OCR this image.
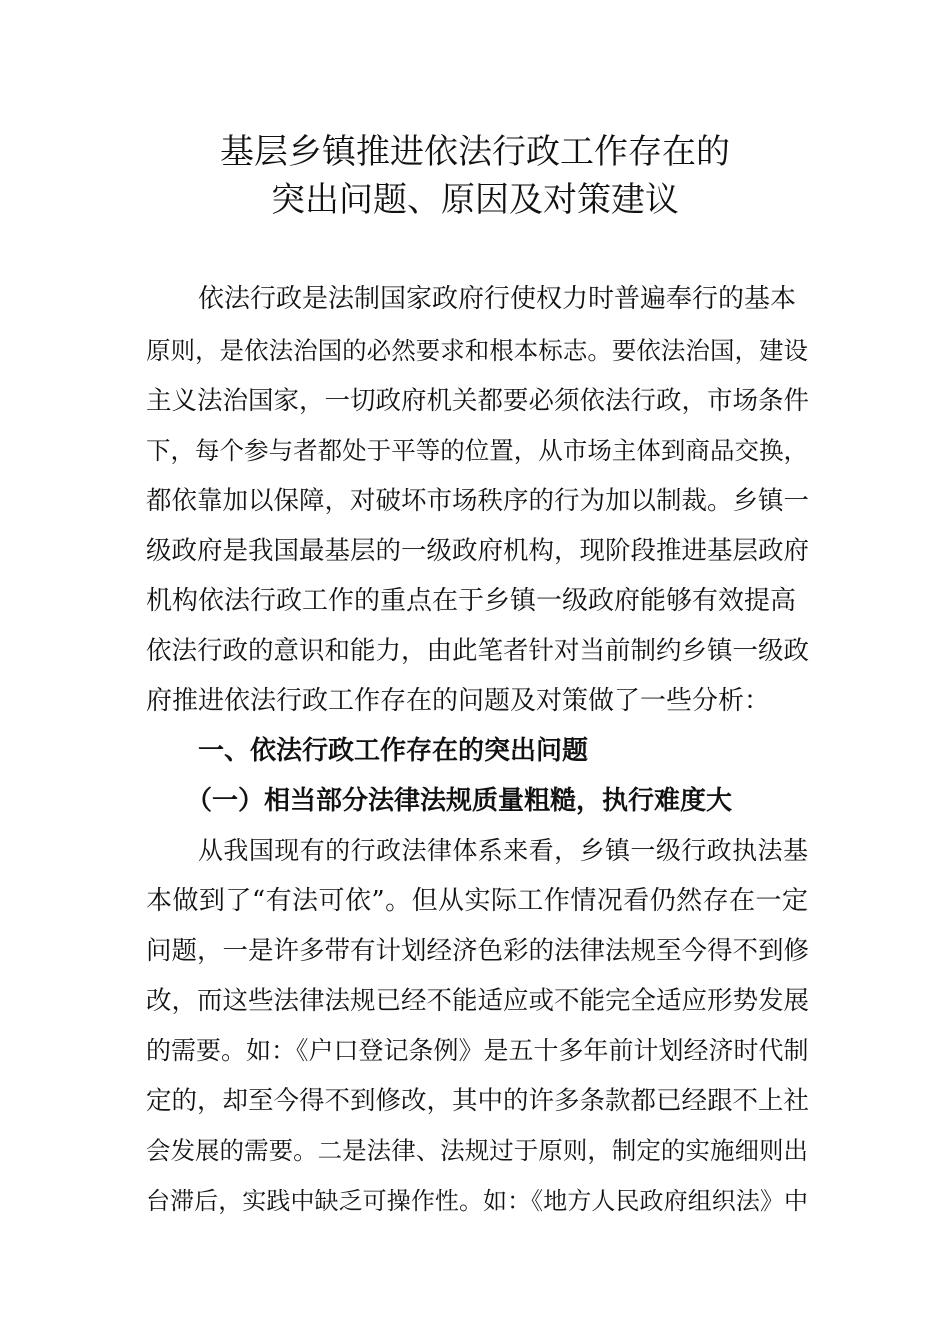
基层乡镇推进依法行政工作存在的
突出问题、原因及对策建议
依法行政是法制国家政府行使权力时普遍奉行的基本
原则，是依法治国的必然要求和根本标志。要依法治国，建设
主义法治国家，一切政府机关都要必须依法行政，市场条件
下，每个参与者都处于平等的位置，从市场主体到商品交换，
都依靠加以保障，对破坏市场秩序的行为加以制裁。乡镇一
级政府是我国最基层的一级政府机构，现阶段推进基层政府
机构依法行政工作的重点在于乡镇一级政府能够有效提高
依法行政的意识和能力，由此笔者针对当前制约乡镇一级政
府推进依法行政工作存在的问题及对策做了一些分析：
一、依法行政工作存在的突出问题
（一）相当部分法律法规质量粗糙，执行难度大
从我国现有的行政法律体系来看，乡镇一级行政执法基
本做到了“有法可依”。但从实际工作情况看仍然存在一定
问题，一是许多带有计划经济色彩的法律法规至今得不到修
改，而这些法律法规已经不能适应或不能完全适应形势发展
的需要。如：《户口登记条例》是五十多年前计划经济时代制
定的，却至今得不到修改，其中的许多条款都已经跟不上社
会发展的需要。二是法律、法规过于原则，制定的实施细则出
台滞后，实践中缺乏可操作性。如：《地方人民政府组织法》中
